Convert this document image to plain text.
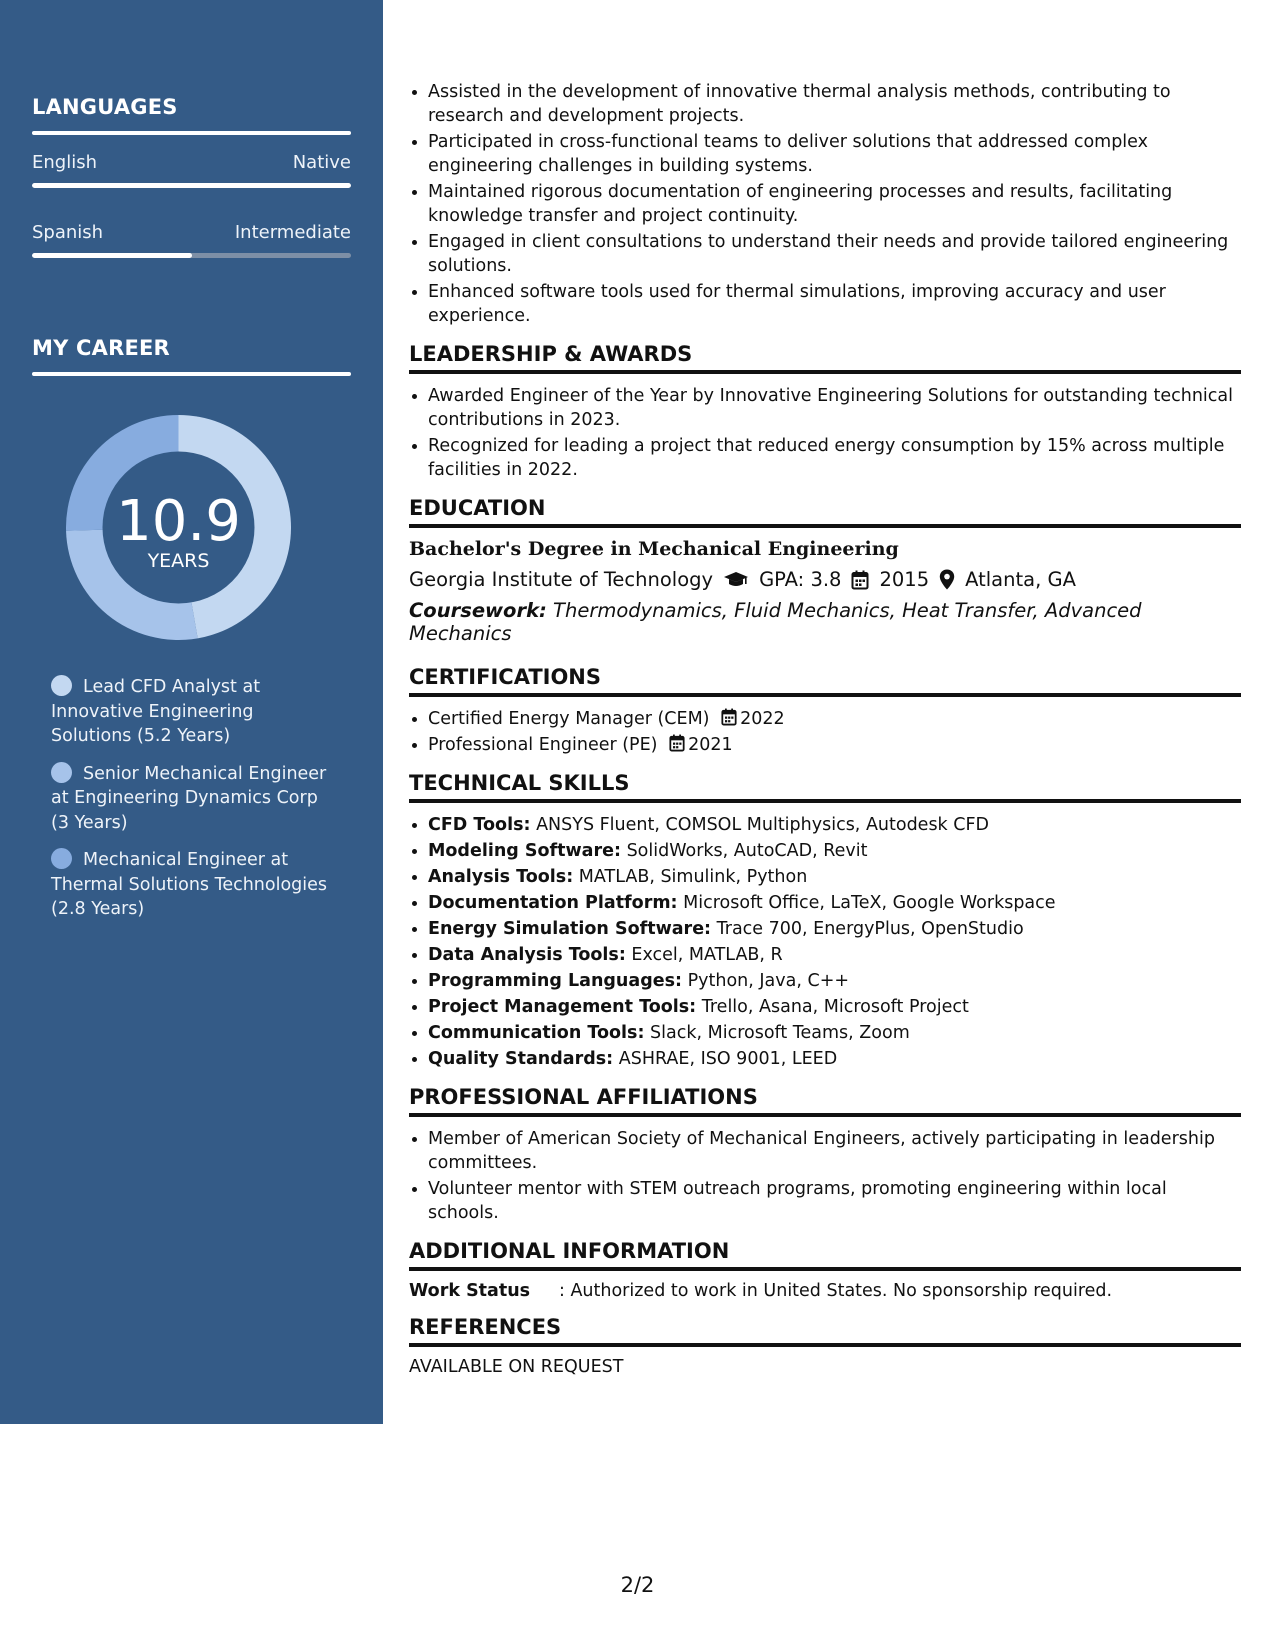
LANGUAGES
English	Native
Spanish	Intermediate
MY CAREER
10.9
YEARS
Lead CFD Analyst at Innovative Engineering Solutions (5.2 Years)
Senior Mechanical Engineer at Engineering Dynamics Corp (3 Years)
Mechanical Engineer at Thermal Solutions Technologies (2.8 Years)
• Assisted in the development of innovative thermal analysis methods, contributing to research and development projects.
• Participated in cross-functional teams to deliver solutions that addressed complex engineering challenges in building systems.
• Maintained rigorous documentation of engineering processes and results, facilitating knowledge transfer and project continuity.
• Engaged in client consultations to understand their needs and provide tailored engineering solutions.
• Enhanced software tools used for thermal simulations, improving accuracy and user experience.
LEADERSHIP & AWARDS
• Awarded Engineer of the Year by Innovative Engineering Solutions for outstanding technical contributions in 2023.
• Recognized for leading a project that reduced energy consumption by 15% across multiple facilities in 2022.
EDUCATION
Bachelor's Degree in Mechanical Engineering
Georgia Institute of Technology GPA: 3.8 2015 Atlanta, GA
Coursework: Thermodynamics, Fluid Mechanics, Heat Transfer, Advanced Mechanics
CERTIFICATIONS
• Certified Energy Manager (CEM) 2022
• Professional Engineer (PE) 2021
TECHNICAL SKILLS
• CFD Tools: ANSYS Fluent, COMSOL Multiphysics, Autodesk CFD
• Modeling Software: SolidWorks, AutoCAD, Revit
• Analysis Tools: MATLAB, Simulink, Python
• Documentation Platform: Microsoft Office, LaTeX, Google Workspace
• Energy Simulation Software: Trace 700, EnergyPlus, OpenStudio
• Data Analysis Tools: Excel, MATLAB, R
• Programming Languages: Python, Java, C++
• Project Management Tools: Trello, Asana, Microsoft Project
• Communication Tools: Slack, Microsoft Teams, Zoom
• Quality Standards: ASHRAE, ISO 9001, LEED
PROFESSIONAL AFFILIATIONS
• Member of American Society of Mechanical Engineers, actively participating in leadership committees.
• Volunteer mentor with STEM outreach programs, promoting engineering within local schools.
ADDITIONAL INFORMATION
Work Status	: Authorized to work in United States. No sponsorship required.
REFERENCES
AVAILABLE ON REQUEST
2/2
